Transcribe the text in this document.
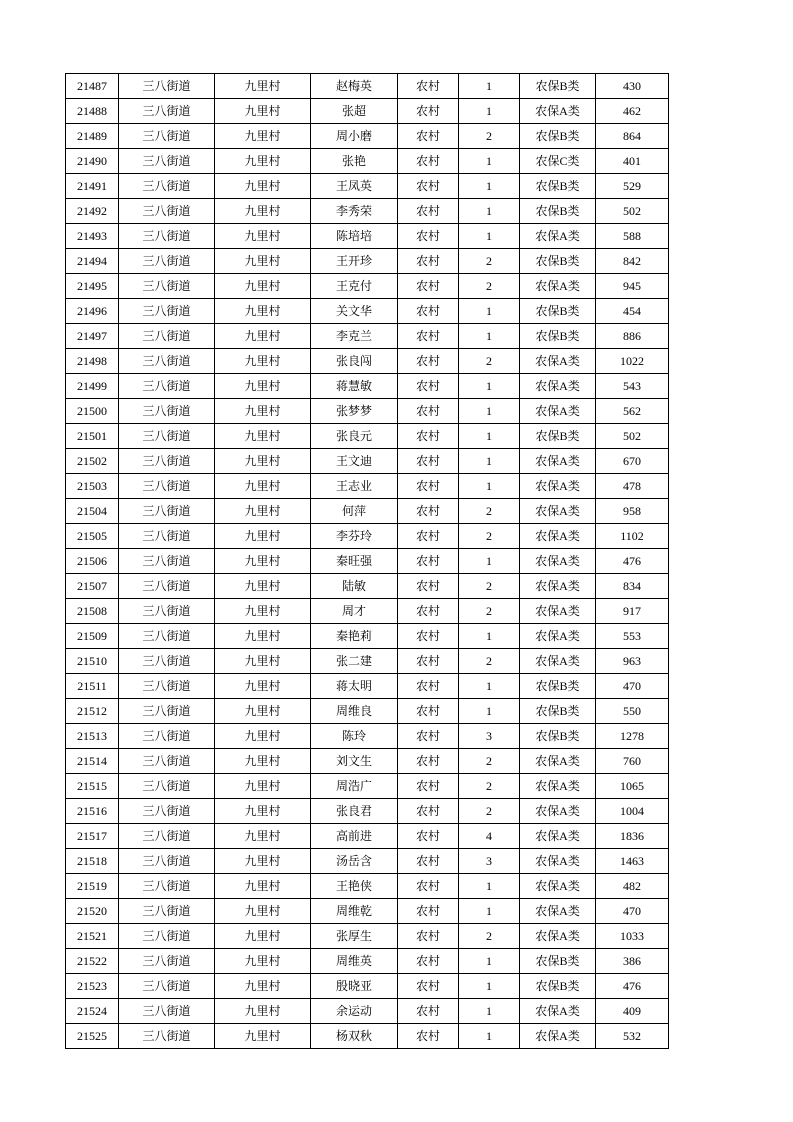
21487	三八街道	九里村	赵梅英	农村	1	农保B类	430
21488	三八街道	九里村	张超	农村	1	农保A类	462
21489	三八街道	九里村	周小磨	农村	2	农保B类	864
21490	三八街道	九里村	张艳	农村	1	农保C类	401
21491	三八街道	九里村	王凤英	农村	1	农保B类	529
21492	三八街道	九里村	李秀荣	农村	1	农保B类	502
21493	三八街道	九里村	陈培培	农村	1	农保A类	588
21494	三八街道	九里村	王开珍	农村	2	农保B类	842
21495	三八街道	九里村	王克付	农村	2	农保A类	945
21496	三八街道	九里村	关文华	农村	1	农保B类	454
21497	三八街道	九里村	李克兰	农村	1	农保B类	886
21498	三八街道	九里村	张良闯	农村	2	农保A类	1022
21499	三八街道	九里村	蒋慧敏	农村	1	农保A类	543
21500	三八街道	九里村	张梦梦	农村	1	农保A类	562
21501	三八街道	九里村	张良元	农村	1	农保B类	502
21502	三八街道	九里村	王文迪	农村	1	农保A类	670
21503	三八街道	九里村	王志业	农村	1	农保A类	478
21504	三八街道	九里村	何萍	农村	2	农保A类	958
21505	三八街道	九里村	李芬玲	农村	2	农保A类	1102
21506	三八街道	九里村	秦旺强	农村	1	农保A类	476
21507	三八街道	九里村	陆敏	农村	2	农保A类	834
21508	三八街道	九里村	周才	农村	2	农保A类	917
21509	三八街道	九里村	秦艳莉	农村	1	农保A类	553
21510	三八街道	九里村	张二建	农村	2	农保A类	963
21511	三八街道	九里村	蒋太明	农村	1	农保B类	470
21512	三八街道	九里村	周维良	农村	1	农保B类	550
21513	三八街道	九里村	陈玲	农村	3	农保B类	1278
21514	三八街道	九里村	刘文生	农村	2	农保A类	760
21515	三八街道	九里村	周浩广	农村	2	农保A类	1065
21516	三八街道	九里村	张良君	农村	2	农保A类	1004
21517	三八街道	九里村	高前进	农村	4	农保A类	1836
21518	三八街道	九里村	汤岳含	农村	3	农保A类	1463
21519	三八街道	九里村	王艳侠	农村	1	农保A类	482
21520	三八街道	九里村	周维乾	农村	1	农保A类	470
21521	三八街道	九里村	张厚生	农村	2	农保A类	1033
21522	三八街道	九里村	周维英	农村	1	农保B类	386
21523	三八街道	九里村	殷晓亚	农村	1	农保B类	476
21524	三八街道	九里村	余运动	农村	1	农保A类	409
21525	三八街道	九里村	杨双秋	农村	1	农保A类	532
